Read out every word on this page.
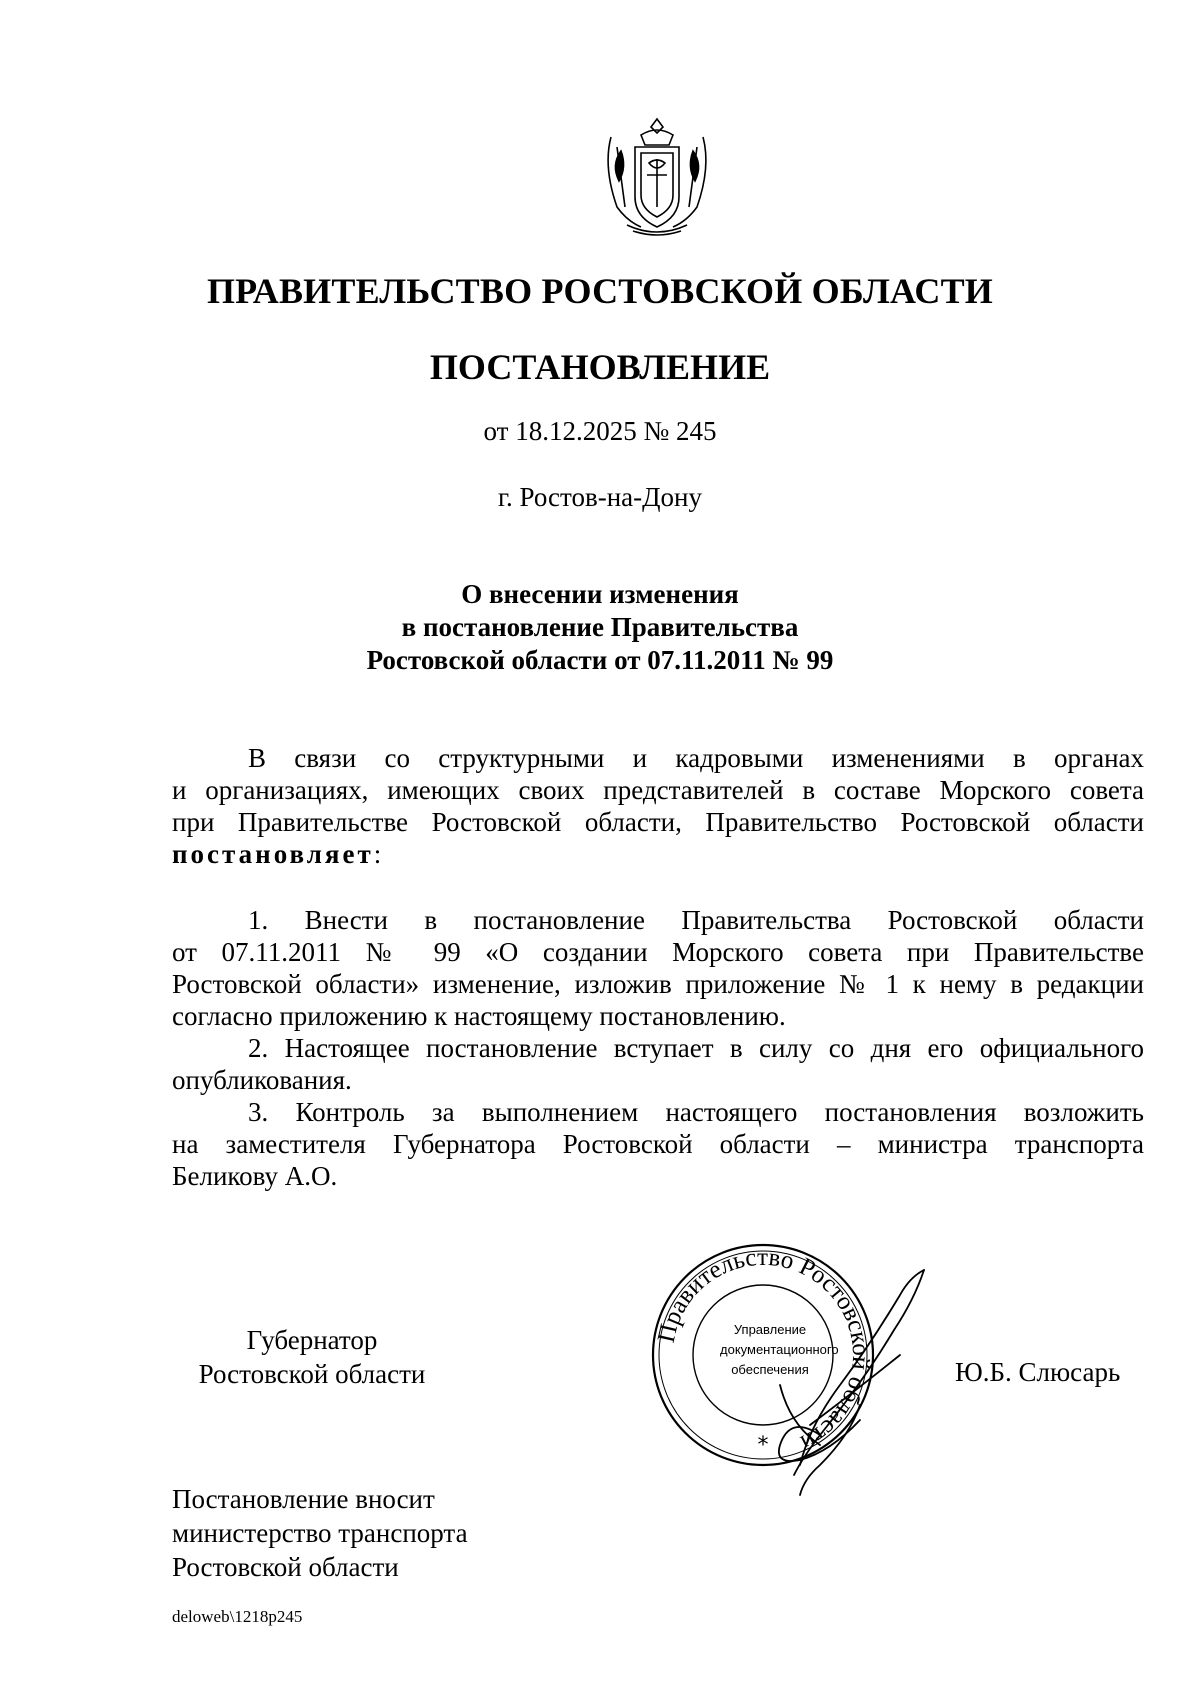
ПРАВИТЕЛЬСТВО РОСТОВСКОЙ ОБЛАСТИ
ПОСТАНОВЛЕНИЕ
от 18.12.2025 № 245
г. Ростов-на-Дону
О внесении изменения
в постановление Правительства
Ростовской области от 07.11.2011 № 99
В связи со структурными и кадровыми изменениями в органах
и организациях, имеющих своих представителей в составе Морского совета
при Правительстве Ростовской области, Правительство Ростовской области
постановляет:
1. Внести в постановление Правительства Ростовской области
от 07.11.2011 № 99 «О создании Морского совета при Правительстве
Ростовской области» изменение, изложив приложение № 1 к нему в редакции
согласно приложению к настоящему постановлению.
2. Настоящее постановление вступает в силу со дня его официального
опубликования.
3. Контроль за выполнением настоящего постановления возложить
на заместителя Губернатора Ростовской области – министра транспорта
Беликову А.О.
Губернатор
Ростовской области
Правительство Ростовской области
*
Управление
документационного
обеспечения	Ю.Б. Слюсарь
Постановление вносит
министерство транспорта
Ростовской области
deloweb\1218p245
